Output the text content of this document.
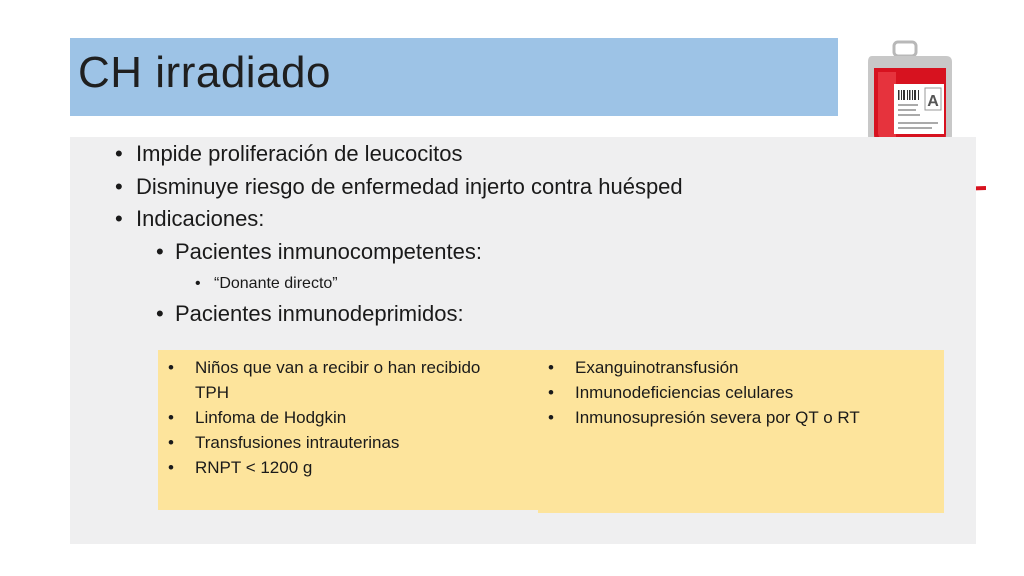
CH irradiado
A
• Impide proliferación de leucocitos
• Disminuye riesgo de enfermedad injerto contra huésped
• Indicaciones:
• Pacientes inmunocompetentes:
• “Donante directo”
• Pacientes inmunodeprimidos:
• Niños que van a recibir o han recibido
TPH
• Linfoma de Hodgkin
• Transfusiones intrauterinas
• RNPT < 1200 g
• Exanguinotransfusión
• Inmunodeficiencias celulares
• Inmunosupresión severa por QT o RT
